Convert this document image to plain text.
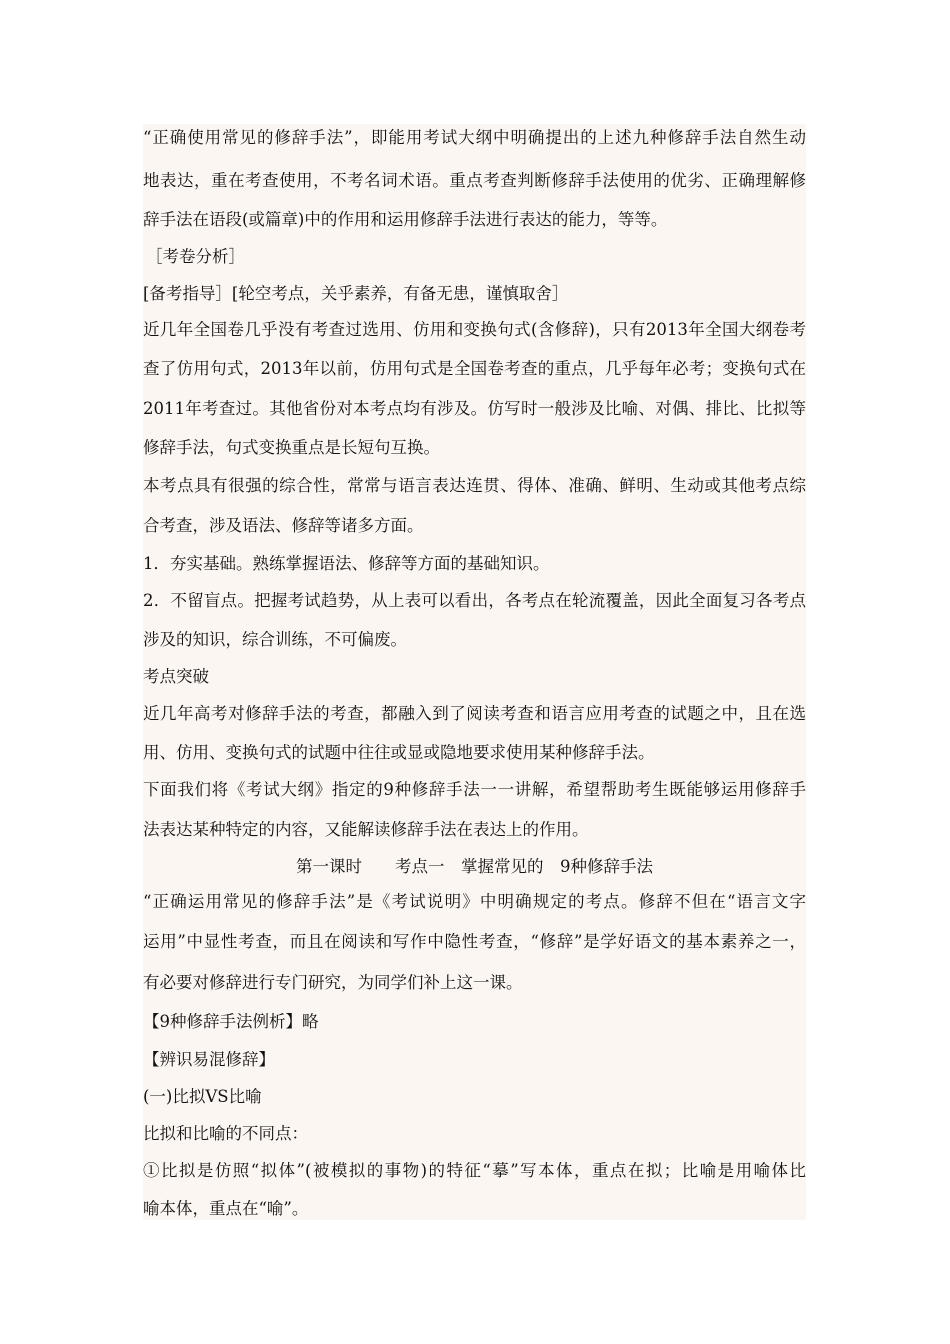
“正确使用常见的修辞手法”，即能用考试大纲中明确提出的上述九种修辞手法自然生动
地表达，重在考查使用，不考名词术语。重点考查判断修辞手法使用的优劣、正确理解修
辞手法在语段(或篇章)中的作用和运用修辞手法进行表达的能力，等等。
［考卷分析］
[备考指导］[轮空考点，关乎素养，有备无患，谨慎取舍］
近几年全国卷几乎没有考查过选用、仿用和变换句式(含修辞)，只有2013年全国大纲卷考
查了仿用句式，2013年以前，仿用句式是全国卷考查的重点，几乎每年必考；变换句式在
2011年考查过。其他省份对本考点均有涉及。仿写时一般涉及比喻、对偶、排比、比拟等
修辞手法，句式变换重点是长短句互换。
本考点具有很强的综合性，常常与语言表达连贯、得体、准确、鲜明、生动或其他考点综
合考查，涉及语法、修辞等诸多方面。
1．夯实基础。熟练掌握语法、修辞等方面的基础知识。
2．不留盲点。把握考试趋势，从上表可以看出，各考点在轮流覆盖，因此全面复习各考点
涉及的知识，综合训练，不可偏废。
考点突破
近几年高考对修辞手法的考查，都融入到了阅读考查和语言应用考查的试题之中，且在选
用、仿用、变换句式的试题中往往或显或隐地要求使用某种修辞手法。
下面我们将《考试大纲》指定的9种修辞手法一一讲解，希望帮助考生既能够运用修辞手
法表达某种特定的内容，又能解读修辞手法在表达上的作用。
第一课时　　考点一　掌握常见的　9种修辞手法
“正确运用常见的修辞手法”是《考试说明》中明确规定的考点。修辞不但在“语言文字
运用”中显性考查，而且在阅读和写作中隐性考查，“修辞”是学好语文的基本素养之一，
有必要对修辞进行专门研究，为同学们补上这一课。
【9种修辞手法例析】略
【辨识易混修辞】
(一)比拟VS比喻
比拟和比喻的不同点：
①比拟是仿照“拟体”(被模拟的事物)的特征“摹”写本体，重点在拟；比喻是用喻体比
喻本体，重点在“喻”。
